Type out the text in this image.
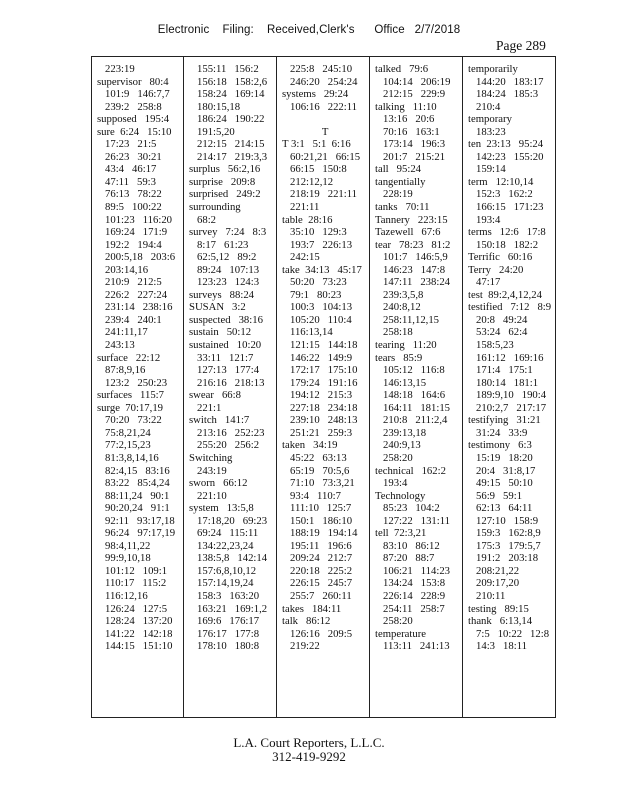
Electronic    Filing:    Received,Clerk's      Office   2/7/2018
Page 289
223:19
supervisor   80:4
101:9   146:7,7
239:2   258:8
supposed   195:4
sure  6:24   15:10
17:23   21:5
26:23   30:21
43:4   46:17
47:11   59:3
76:13   78:22
89:5   100:22
101:23   116:20
169:24   171:9
192:2   194:4
200:5,18   203:6
203:14,16
210:9   212:5
226:2   227:24
231:14   238:16
239:4   240:1
241:11,17
243:13
surface   22:12
87:8,9,16
123:2   250:23
surfaces   115:7
surge  70:17,19
70:20   73:22
75:8,21,24
77:2,15,23
81:3,8,14,16
82:4,15   83:16
83:22   85:4,24
88:11,24   90:1
90:20,24   91:1
92:11   93:17,18
96:24   97:17,19
98:4,11,22
99:9,10,18
101:12   109:1
110:17   115:2
116:12,16
126:24   127:5
128:24   137:20
141:22   142:18
144:15   151:10
155:11   156:2
156:18   158:2,6
158:24   169:14
180:15,18
186:24   190:22
191:5,20
212:15   214:15
214:17   219:3,3
surplus   56:2,16
surprise   209:8
surprised   249:2
surrounding
68:2
survey   7:24   8:3
8:17   61:23
62:5,12   89:2
89:24   107:13
123:23   124:3
surveys   88:24
SUSAN   3:2
suspected   38:16
sustain   50:12
sustained   10:20
33:11   121:7
127:13   177:4
216:16   218:13
swear   66:8
221:1
switch   141:7
213:16   252:23
255:20   256:2
Switching
243:19
sworn   66:12
221:10
system   13:5,8
17:18,20   69:23
69:24   115:11
134:22,23,24
138:5,8   142:14
157:6,8,10,12
157:14,19,24
158:3   163:20
163:21   169:1,2
169:6   176:17
176:17   177:8
178:10   180:8
225:8   245:10
246:20   254:24
systems   29:24
106:16   222:11
T
T 3:1   5:1  6:16
60:21,21   66:15
66:15   150:8
212:12,12
218:19   221:11
221:11
table  28:16
35:10   129:3
193:7   226:13
242:15
take  34:13   45:17
50:20   73:23
79:1   80:23
100:3   104:13
105:20   110:4
116:13,14
121:15   144:18
146:22   149:9
172:17   175:10
179:24   191:16
194:12   215:3
227:18   234:18
239:10   248:13
251:21   259:3
taken   34:19
45:22   63:13
65:19   70:5,6
71:10   73:3,21
93:4   110:7
111:10   125:7
150:1   186:10
188:19   194:14
195:11   196:6
209:24   212:7
220:18   225:2
226:15   245:7
255:7   260:11
takes   184:11
talk   86:12
126:16   209:5
219:22
talked   79:6
104:14   206:19
212:15   229:9
talking   11:10
13:16   20:6
70:16   163:1
173:14   196:3
201:7   215:21
tall   95:24
tangentially
228:19
tanks   70:11
Tannery   223:15
Tazewell   67:6
tear   78:23   81:2
101:7   146:5,9
146:23   147:8
147:11   238:24
239:3,5,8
240:8,12
258:11,12,15
258:18
tearing   11:20
tears   85:9
105:12   116:8
146:13,15
148:18   164:6
164:11   181:15
210:8   211:2,4
239:13,18
240:9,13
258:20
technical   162:2
193:4
Technology
85:23   104:2
127:22   131:11
tell  72:3,21
83:10   86:12
87:20   88:7
106:21   114:23
134:24   153:8
226:14   228:9
254:11   258:7
258:20
temperature
113:11   241:13
temporarily
144:20   183:17
184:24   185:3
210:4
temporary
183:23
ten  23:13   95:24
142:23   155:20
159:14
term   12:10,14
152:3   162:2
166:15   171:23
193:4
terms   12:6   17:8
150:18   182:2
Terrific   60:16
Terry   24:20
47:17
test  89:2,4,12,24
testified   7:12   8:9
20:8   49:24
53:24   62:4
158:5,23
161:12   169:16
171:4   175:1
180:14   181:1
189:9,10   190:4
210:2,7   217:17
testifying   31:21
31:24   33:9
testimony   6:3
15:19   18:20
20:4   31:8,17
49:15   50:10
56:9   59:1
62:13   64:11
127:10   158:9
159:3   162:8,9
175:3   179:5,7
191:2   203:18
208:21,22
209:17,20
210:11
testing   89:15
thank   6:13,14
7:5   10:22   12:8
14:3   18:11
L.A. Court Reporters, L.L.C.
312-419-9292
